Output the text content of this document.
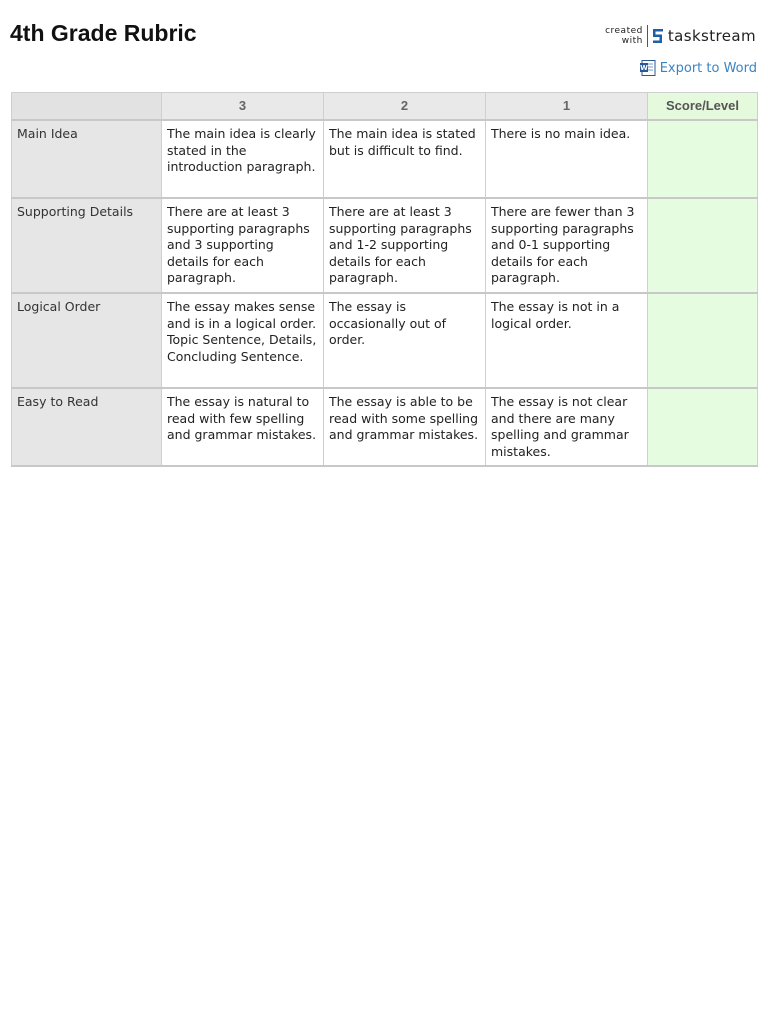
4th Grade Rubric	created
with taskstream
W Export to Word
	3	2	1	Score/Level
Main Idea	The main idea is clearly stated in the introduction paragraph.	The main idea is stated but is difficult to find.	There is no main idea.	
Supporting Details	There are at least 3 supporting paragraphs and 3 supporting details for each paragraph.	There are at least 3 supporting paragraphs and 1-2 supporting details for each paragraph.	There are fewer than 3 supporting paragraphs and 0-1 supporting details for each paragraph.	
Logical Order	The essay makes sense and is in a logical order. Topic Sentence, Details, Concluding Sentence.	The essay is occasionally out of order.	The essay is not in a logical order.	
Easy to Read	The essay is natural to read with few spelling and grammar mistakes.	The essay is able to be read with some spelling and grammar mistakes.	The essay is not clear and there are many spelling and grammar mistakes.	
